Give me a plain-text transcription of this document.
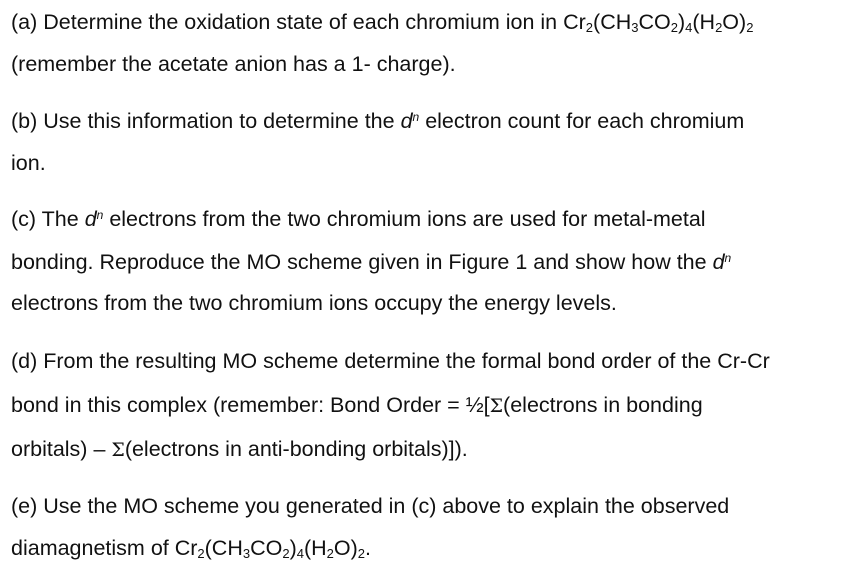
(a) Determine the oxidation state of each chromium ion in Cr2(CH3CO2)4(H2O)2
(remember the acetate anion has a 1- charge).
(b) Use this information to determine the $d^n$ electron count for each chromium
ion.
(c) The $d^n$ electrons from the two chromium ions are used for metal-metal
bonding. Reproduce the MO scheme given in Figure 1 and show how the $d^n$
electrons from the two chromium ions occupy the energy levels.
(d) From the resulting MO scheme determine the formal bond order of the Cr-Cr
bond in this complex (remember: Bond Order = ½[Σ(electrons in bonding
orbitals) – Σ(electrons in anti-bonding orbitals)]).
(e) Use the MO scheme you generated in (c) above to explain the observed
diamagnetism of Cr2(CH3CO2)4(H2O)2.
